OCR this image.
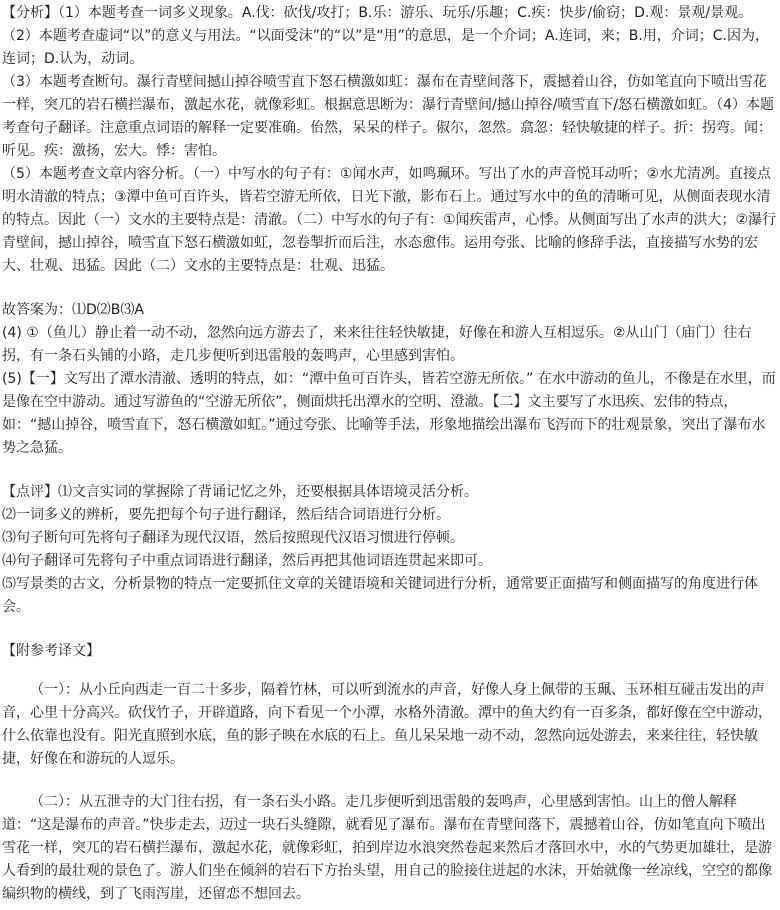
【分析】（1）本题考查一词多义现象。A.伐：砍伐/攻打；B.乐：游乐、玩乐/乐趣；C.疾：快步/偷窃；D.观：景观/景观。

（2）本题考查虚词“以”的意义与用法。“以面受沫”的“以”是“用”的意思，是一个介词；A.连词，来；B.用，介词；C.因为，连词；D.认为，动词。

（3）本题考查断句。瀑行青壁间撼山掉谷喷雪直下怒石横激如虹：瀑布在青壁间落下，震撼着山谷，仿如笔直向下喷出雪花一样，突兀的岩石横拦瀑布，激起水花，就像彩虹。根据意思断为：瀑行青壁间/撼山掉谷/喷雪直下/怒石横激如虹。（4）本题考查句子翻译。注意重点词语的解释一定要准确。佁然，呆呆的样子。俶尔，忽然。翕忽：轻快敏捷的样子。折：拐弯。闻：听见。疾：激扬，宏大。悸：害怕。

（5）本题考查文章内容分析。（一）中写水的句子有：①闻水声，如鸣珮环。写出了水的声音悦耳动听；②水尤清冽。直接点明水清澈的特点；③潭中鱼可百许头，皆若空游无所依，日光下澈，影布石上。通过写水中的鱼的清晰可见，从侧面表现水清的特点。因此（一）文水的主要特点是：清澈。（二）中写水的句子有：①闻疾雷声，心悸。从侧面写出了水声的洪大；②瀑行青壁间，撼山掉谷，喷雪直下怒石横激如虹，忽卷掣折而后注，水态愈伟。运用夸张、比喻的修辞手法，直接描写水势的宏大、壮观、迅猛。因此（二）文水的主要特点是：壮观、迅猛。

故答案为：⑴D⑵B⑶A

(4) ①（鱼儿）静止着一动不动，忽然向远方游去了，来来往往轻快敏捷，好像在和游人互相逗乐。②从山门（庙门）往右拐，有一条石头铺的小路，走几步便听到迅雷般的轰鸣声，心里感到害怕。

(5)【一】文写出了潭水清澈、透明的特点，如：“潭中鱼可百许头，皆若空游无所依。” 在水中游动的鱼儿，不像是在水里，而是像在空中游动。通过写游鱼的“空游无所依”，侧面烘托出潭水的空明、澄澈。【二】文主要写了水迅疾、宏伟的特点，如：“撼山掉谷，喷雪直下，怒石横激如虹。”通过夸张、比喻等手法，形象地描绘出瀑布飞泻而下的壮观景象，突出了瀑布水势之急猛。

【点评】⑴文言实词的掌握除了背诵记忆之外，还要根据具体语境灵活分析。

⑵一词多义的辨析，要先把每个句子进行翻译，然后结合词语进行分析。

⑶句子断句可先将句子翻译为现代汉语，然后按照现代汉语习惯进行停顿。

⑷句子翻译可先将句子中重点词语进行翻译，然后再把其他词语连贯起来即可。

⑸写景类的古文，分析景物的特点一定要抓住文章的关键语境和关键词进行分析，通常要正面描写和侧面描写的角度进行体会。

【附参考译文】

（一）：从小丘向西走一百二十多步，隔着竹林，可以听到流水的声音，好像人身上佩带的玉珮、玉环相互碰击发出的声音，心里十分高兴。砍伐竹子，开辟道路，向下看见一个小潭，水格外清澈。潭中的鱼大约有一百多条，都好像在空中游动，什么依靠也没有。阳光直照到水底，鱼的影子映在水底的石上。鱼儿呆呆地一动不动，忽然向远处游去，来来往往，轻快敏捷，好像在和游玩的人逗乐。

（二）：从五泄寺的大门往右拐，有一条石头小路。走几步便听到迅雷般的轰鸣声，心里感到害怕。山上的僧人解释道：“这是瀑布的声音。”快步走去，迈过一块石头缝隙，就看见了瀑布。瀑布在青壁间落下，震撼着山谷，仿如笔直向下喷出雪花一样，突兀的岩石横拦瀑布，激起水花，就像彩虹，拍到岸边水浪突然卷起来然后才落回水中，水的气势更加雄壮，是游人看到的最壮观的景色了。游人们坐在倾斜的岩石下方抬头望，用自己的脸接住迸起的水沫，开始就像一丝凉线，空空的都像编织物的横线，到了飞雨泻崖，还留恋不想回去。
